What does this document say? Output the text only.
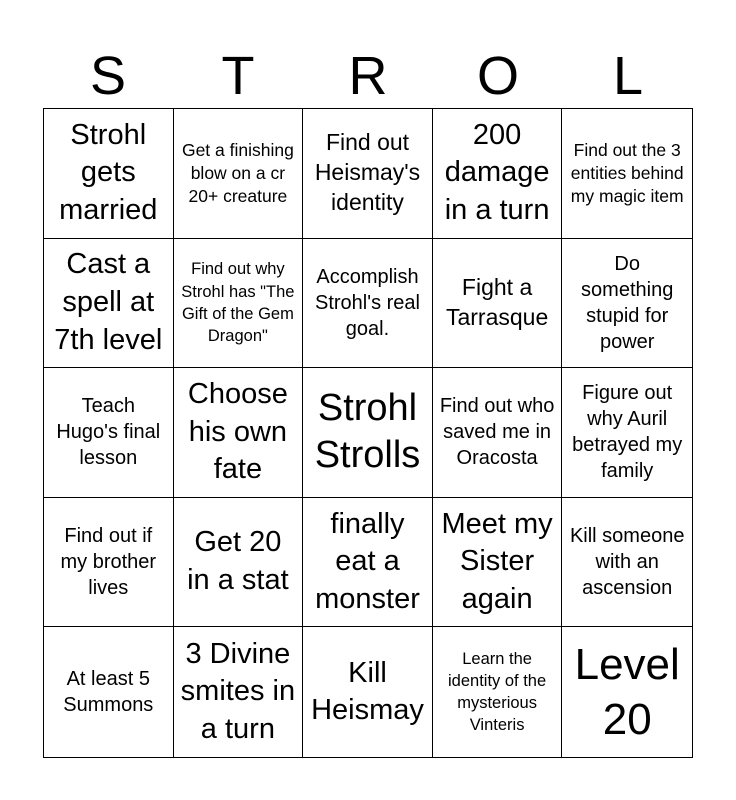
S	T	R	O	L
Strohl gets married
Get a finishing blow on a cr 20+ creature
Find out Heismay's identity
200 damage in a turn
Find out the 3 entities behind my magic item
Cast a spell at 7th level
Find out why Strohl has "The Gift of the Gem Dragon"
Accomplish Strohl's real goal.
Fight a Tarrasque
Do something stupid for power
Teach Hugo's final lesson
Choose his own fate
Strohl Strolls
Find out who saved me in Oracosta
Figure out why Auril betrayed my family
Find out if my brother lives
Get 20 in a stat
finally eat a monster
Meet my Sister again
Kill someone with an ascension
At least 5 Summons
3 Divine smites in a turn
Kill Heismay
Learn the identity of the mysterious Vinteris
Level 20
